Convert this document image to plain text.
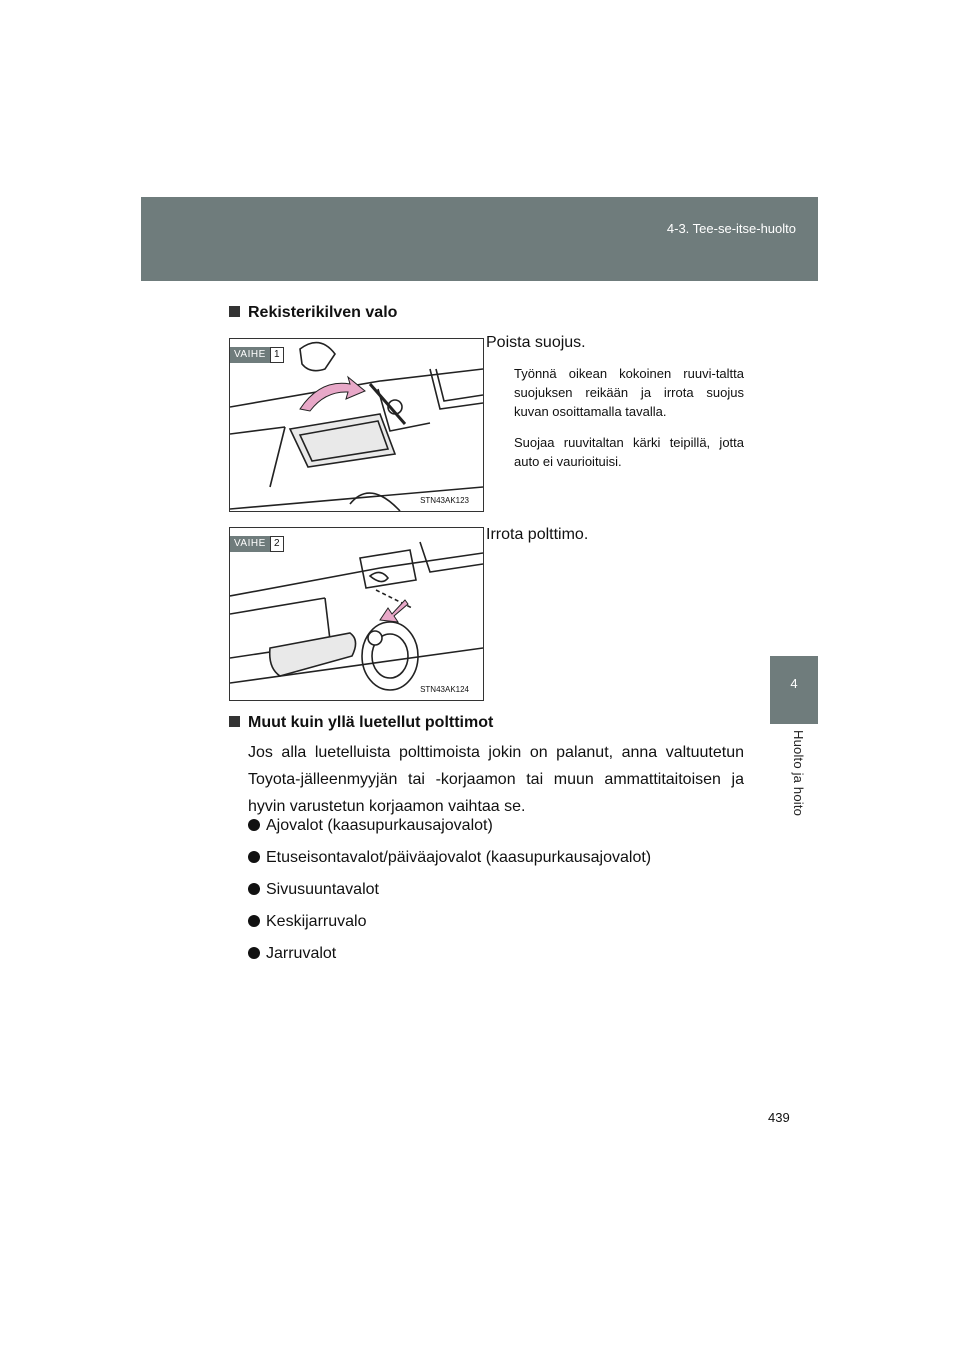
4-3. Tee-se-itse-huolto
4
Huolto ja hoito
Rekisterikilven valo
VAIHE 1
STN43AK123
Poista suojus.
Työnnä oikean kokoinen ruuvi-taltta suojuksen reikään ja irrota suojus kuvan osoittamalla tavalla.
Suojaa ruuvitaltan kärki teipillä, jotta auto ei vaurioituisi.
VAIHE 2
STN43AK124
Irrota polttimo.
Muut kuin yllä luetellut polttimot
Jos alla luetelluista polttimoista jokin on palanut, anna valtuutetun Toyota-jälleenmyyjän tai -korjaamon tai muun ammattitaitoisen ja hyvin varustetun korjaamon vaihtaa se.
Ajovalot (kaasupurkausajovalot)
Etuseisontavalot/päiväajovalot (kaasupurkausajovalot)
Sivusuuntavalot
Keskijarruvalo
Jarruvalot
439
